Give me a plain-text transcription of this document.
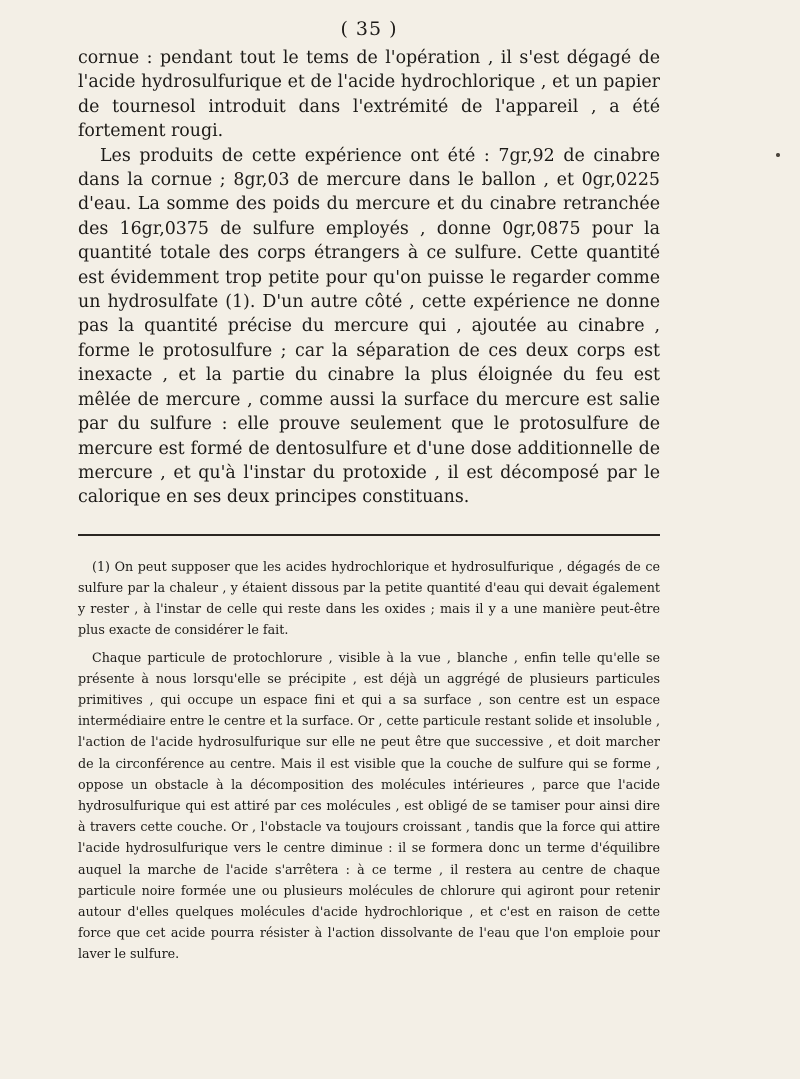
( 35 )

cornue : pendant tout le tems de l'opération , il s'est dégagé de l'acide hydrosulfurique et de l'acide hydrochlorique , et un papier de tournesol introduit dans l'extrémité de l'appareil , a été fortement rougi.

Les produits de cette expérience ont été : 7gr,92 de cinabre dans la cornue ; 8gr,03 de mercure dans le ballon , et 0gr,0225 d'eau. La somme des poids du mercure et du cinabre retranchée des 16gr,0375 de sulfure employés , donne 0gr,0875 pour la quantité totale des corps étrangers à ce sulfure. Cette quantité est évidemment trop petite pour qu'on puisse le regarder comme un hydrosulfate (1). D'un autre côté , cette expérience ne donne pas la quantité précise du mercure qui , ajoutée au cinabre , forme le protosulfure ; car la séparation de ces deux corps est inexacte , et la partie du cinabre la plus éloignée du feu est mêlée de mercure , comme aussi la surface du mercure est salie par du sulfure : elle prouve seulement que le protosulfure de mercure est formé de dentosulfure et d'une dose additionnelle de mercure , et qu'à l'instar du protoxide , il est décomposé par le calorique en ses deux principes constituans.

(1) On peut supposer que les acides hydrochlorique et hydrosulfurique , dégagés de ce sulfure par la chaleur , y étaient dissous par la petite quantité d'eau qui devait également y rester , à l'instar de celle qui reste dans les oxides ; mais il y a une manière peut-être plus exacte de considérer le fait.

Chaque particule de protochlorure , visible à la vue , blanche , enfin telle qu'elle se présente à nous lorsqu'elle se précipite , est déjà un aggrégé de plusieurs particules primitives , qui occupe un espace fini et qui a sa surface , son centre est un espace intermédiaire entre le centre et la surface. Or , cette particule restant solide et insoluble , l'action de l'acide hydrosulfurique sur elle ne peut être que successive , et doit marcher de la circonférence au centre. Mais il est visible que la couche de sulfure qui se forme , oppose un obstacle à la décomposition des molécules intérieures , parce que l'acide hydrosulfurique qui est attiré par ces molécules , est obligé de se tamiser pour ainsi dire à travers cette couche. Or , l'obstacle va toujours croissant , tandis que la force qui attire l'acide hydrosulfurique vers le centre diminue : il se formera donc un terme d'équilibre auquel la marche de l'acide s'arrêtera : à ce terme , il restera au centre de chaque particule noire formée une ou plusieurs molécules de chlorure qui agiront pour retenir autour d'elles quelques molécules d'acide hydrochlorique , et c'est en raison de cette force que cet acide pourra résister à l'action dissolvante de l'eau que l'on emploie pour laver le sulfure.
